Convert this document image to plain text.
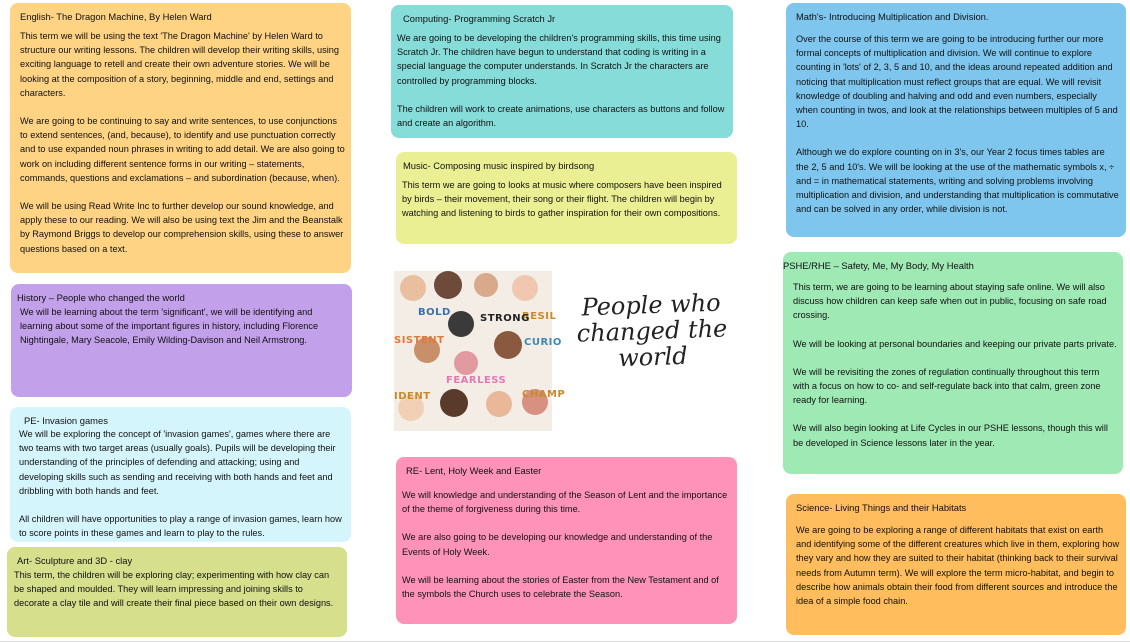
English- The Dragon Machine, By Helen Ward

This term we will be using the text 'The Dragon Machine' by Helen Ward to structure our writing lessons. The children will develop their writing skills, using exciting language to retell and create their own adventure stories. We will be looking at the composition of a story, beginning, middle and end, settings and characters.

We are going to be continuing to say and write sentences, to use conjunctions to extend sentences, (and, because), to identify and use punctuation correctly and to use expanded noun phrases in writing to add detail. We are also going to work on including different sentence forms in our writing – statements, commands, questions and exclamations – and subordination (because, when).

We will be using Read Write Inc to further develop our sound knowledge, and apply these to our reading. We will also be using text the Jim and the Beanstalk by Raymond Briggs to develop our comprehension skills, using these to answer questions based on a text.

History – People who changed the world

We will be learning about the term 'significant', we will be identifying and learning about some of the important figures in history, including Florence Nightingale, Mary Seacole, Emily Wilding-Davison and Neil Armstrong.

PE- Invasion games

We will be exploring the concept of 'invasion games', games where there are two teams with two target areas (usually goals). Pupils will be developing their understanding of the principles of defending and attacking; using and developing skills such as sending and receiving with both hands and feet and dribbling with both hands and feet.

All children will have opportunities to play a range of invasion games, learn how to score points in these games and learn to play to the rules.

Art- Sculpture and 3D - clay

This term, the children will be exploring clay; experimenting with how clay can be shaped and moulded. They will learn impressing and joining skills to decorate a clay tile and will create their final piece based on their own designs.

Computing- Programming Scratch Jr

We are going to be developing the children's programming skills, this time using Scratch Jr. The children have begun to understand that coding is writing in a special language the computer understands. In Scratch Jr the characters are controlled by programming blocks.

The children will work to create animations, use characters as buttons and follow and create an algorithm.

Music- Composing music inspired by birdsong

This term we are going to looks at music where composers have been inspired by birds – their movement, their song or their flight. The children will begin by watching and listening to birds to gather inspiration for their own compositions.

RE- Lent, Holy Week and Easter

We will knowledge and understanding of the Season of Lent and the importance of the theme of forgiveness during this time.

We are also going to be developing our knowledge and understanding of the Events of Holy Week.

We will be learning about the stories of Easter from the New Testament and of the symbols the Church uses to celebrate the Season.

Math's- Introducing Multiplication and Division.

Over the course of this term we are going to be introducing further our more formal concepts of multiplication and division. We will continue to explore counting in 'lots' of 2, 3, 5 and 10, and the ideas around repeated addition and noticing that multiplication must reflect groups that are equal. We will revisit knowledge of doubling and halving and odd and even numbers, especially when counting in twos, and look at the relationships between multiples of 5 and 10.

Although we do explore counting on in 3's, our Year 2 focus times tables are the 2, 5 and 10's. We will be looking at the use of the mathematic symbols x, ÷ and = in mathematical statements, writing and solving problems involving multiplication and division, and understanding that multiplication is commutative and can be solved in any order, while division is not.

PSHE/RHE – Safety, Me, My Body, My Health

This term, we are going to be learning about staying safe online. We will also discuss how children can keep safe when out in public, focusing on safe road crossing.

We will be looking at personal boundaries and keeping our private parts private.

We will be revisiting the zones of regulation continually throughout this term with a focus on how to co- and self-regulate back into that calm, green zone ready for learning.

We will also begin looking at Life Cycles in our PSHE lessons, though this will be developed in Science lessons later in the year.

Science- Living Things and their Habitats

We are going to be exploring a range of different habitats that exist on earth and identifying some of the different creatures which live in them, exploring how they vary and how they are suited to their habitat (thinking back to their survival needs from Autumn term). We will explore the term micro-habitat, and begin to describe how animals obtain their food from different sources and introduce the idea of a simple food chain.

BOLD	RESIL
STRONG
SISTENT	CURIO
FEARLESS
IDENT	CHAMP
People who
changed the
world
